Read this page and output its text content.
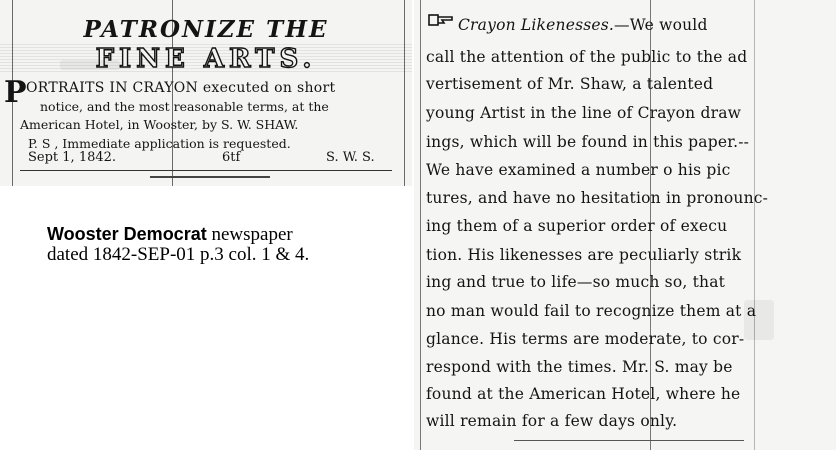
PATRONIZE THE
FINE ARTS.
P ORTRAITS IN CRAYON executed on short
notice, and the most reasonable terms, at the
American Hotel, in Wooster, by S. W. SHAW.
P. S , Immediate application is requested.
Sept 1, 1842.	6tf	S. W. S.
Wooster Democrat newspaper
dated 1842-SEP-01 p.3 col. 1 & 4.
Crayon Likenesses.—We would
call the attention of the public to the ad
vertisement of Mr. Shaw, a talented
young Artist in the line of Crayon draw
ings, which will be found in this paper.--
We have examined a number o his pic
tures, and have no hesitation in pronounc-
ing them of a superior order of execu
tion. His likenesses are peculiarly strik
ing and true to life—so much so, that
no man would fail to recognize them at a
glance. His terms are moderate, to cor-
respond with the times. Mr. S. may be
found at the American Hotel, where he
will remain for a few days only.
